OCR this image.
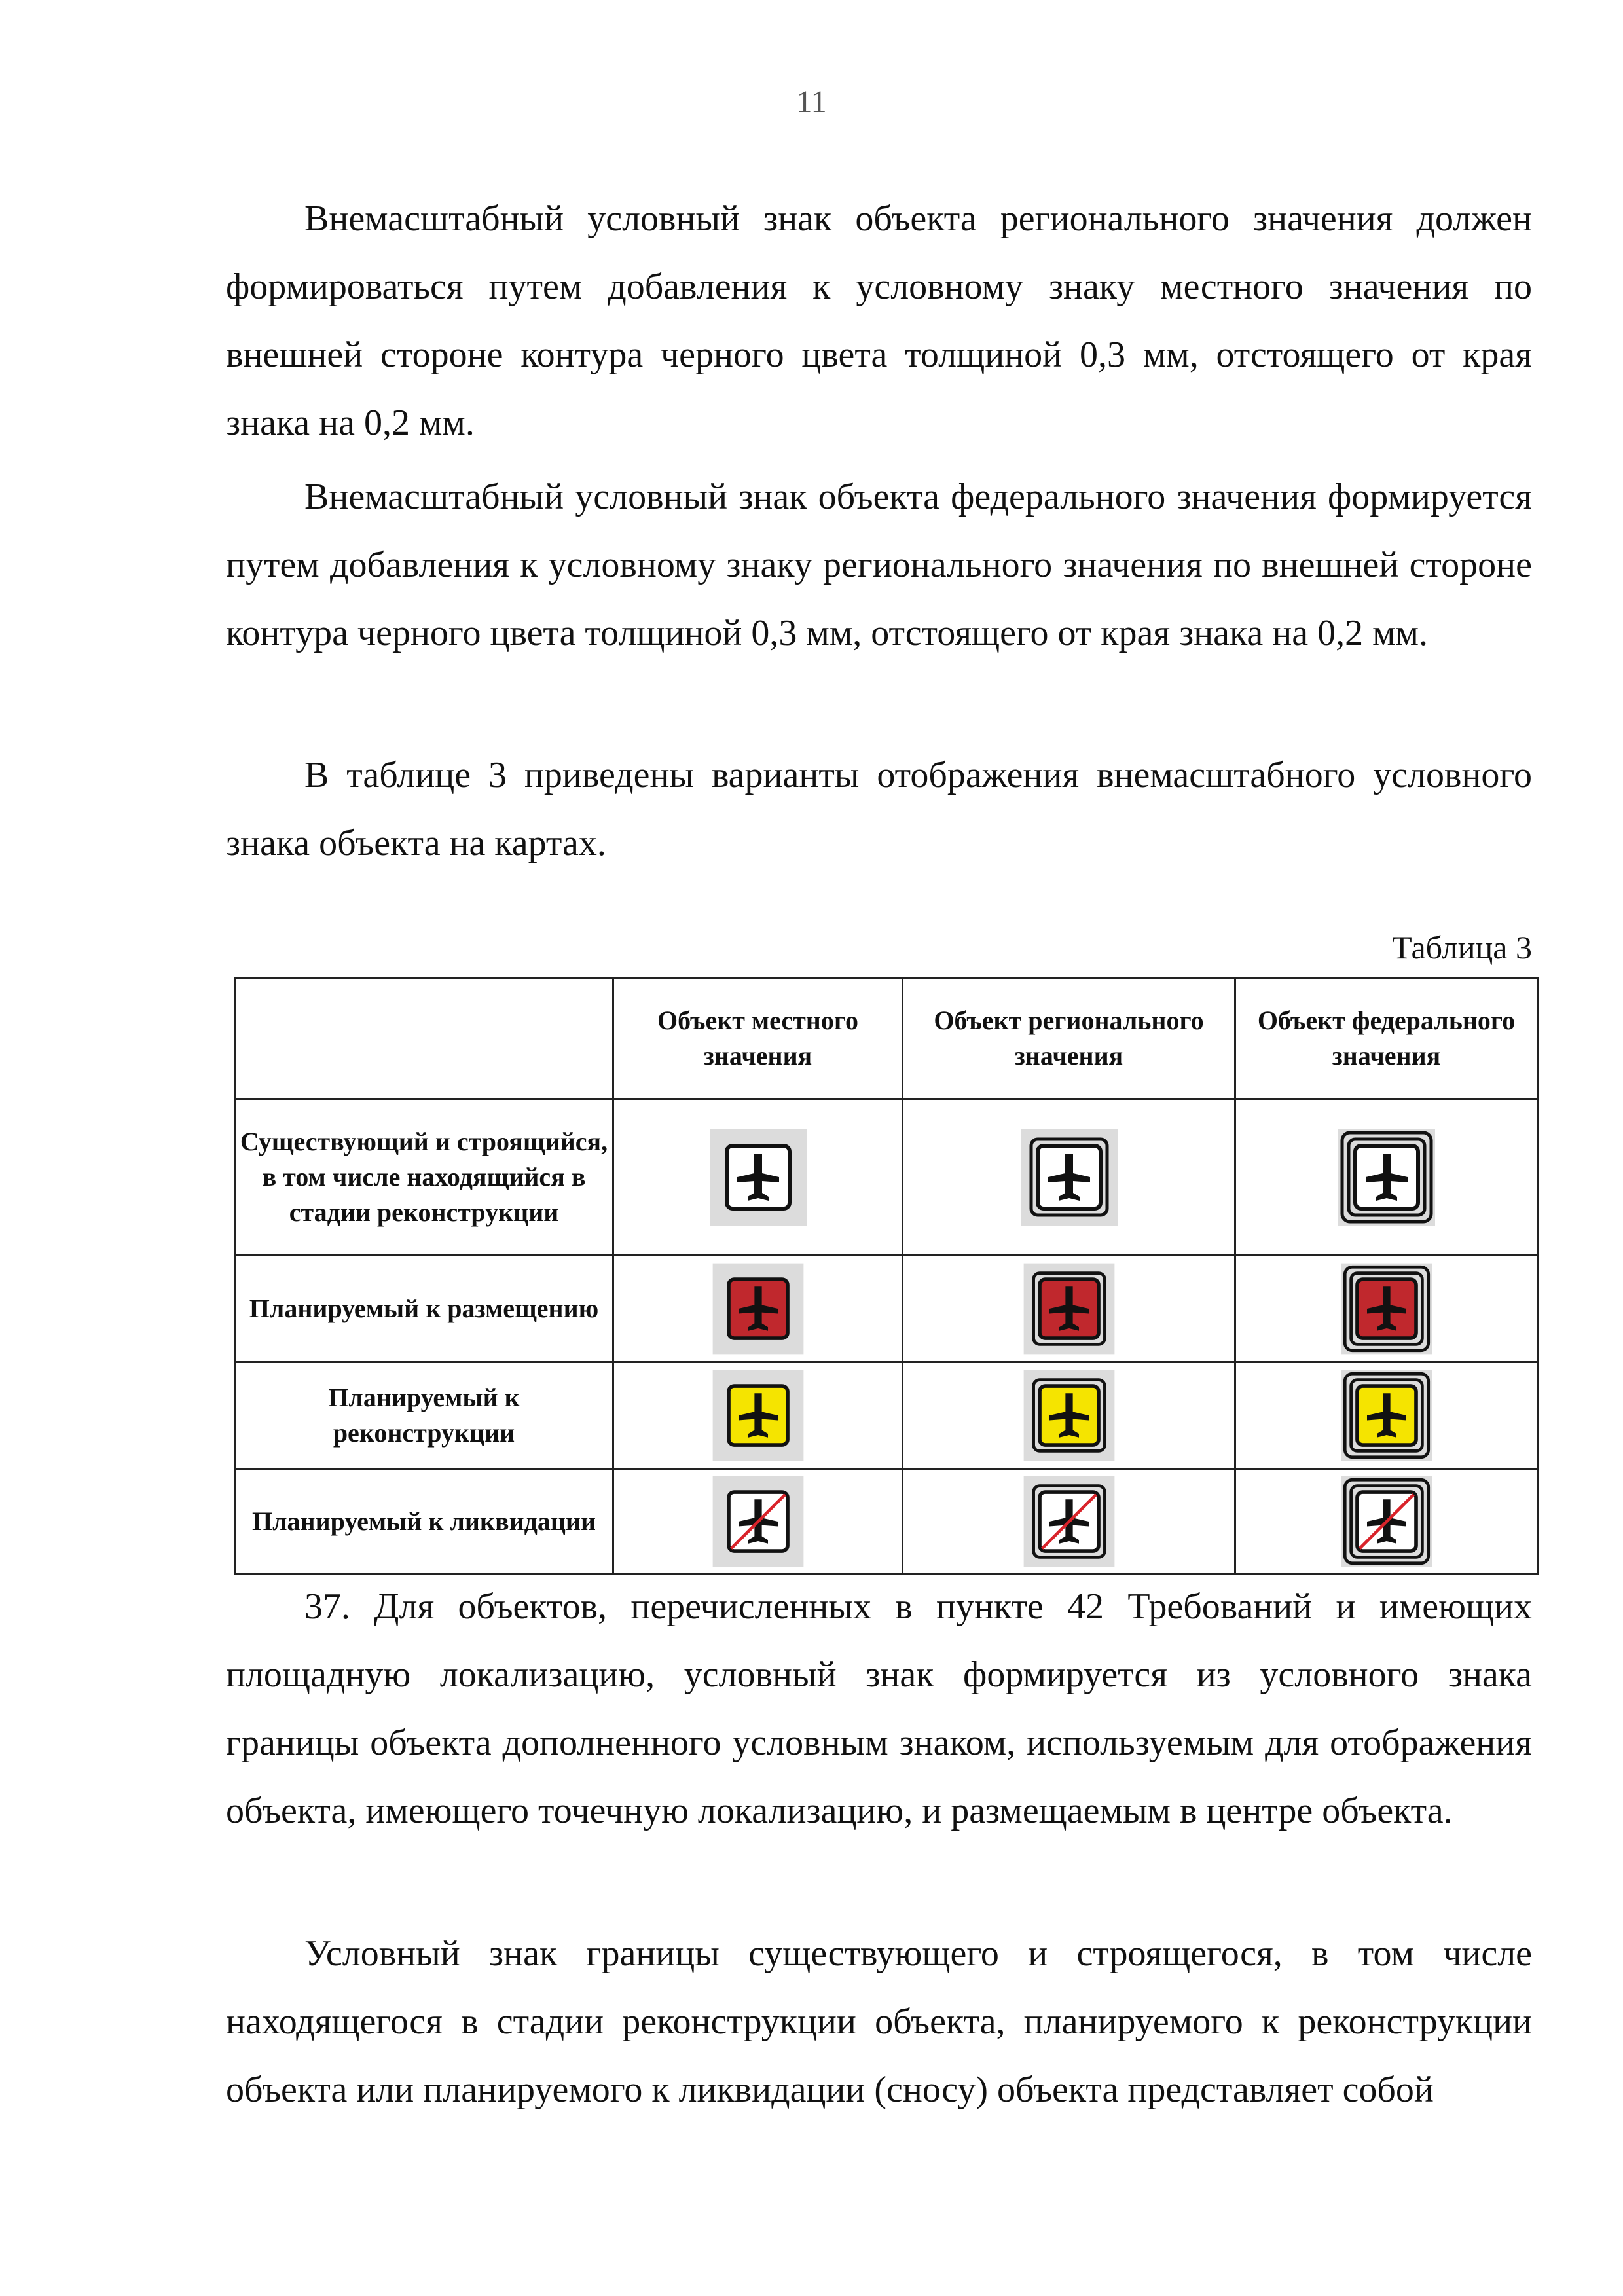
11

Внемасштабный условный знак объекта регионального значения должен формироваться путем добавления к условному знаку местного значения по внешней стороне контура черного цвета толщиной 0,3 мм, отстоящего от края знака на 0,2 мм.

Внемасштабный условный знак объекта федерального значения формируется путем добавления к условному знаку регионального значения по внешней стороне контура черного цвета толщиной 0,3 мм, отстоящего от края знака на 0,2 мм.

В таблице 3 приведены варианты отображения внемасштабного условного знака объекта на картах.

Таблица 3
	Объект местного значения	Объект регионального значения	Объект федерального значения
Существующий и строящийся, в том числе находящийся в стадии реконструкции	

Планируемый к размещению	

Планируемый к реконструкции	

Планируемый к ликвидации	

37. Для объектов, перечисленных в пункте 42 Требований и имеющих площадную локализацию, условный знак формируется из условного знака границы объекта дополненного условным знаком, используемым для отображения объекта, имеющего точечную локализацию, и размещаемым в центре объекта.

Условный знак границы существующего и строящегося, в том числе находящегося в стадии реконструкции объекта, планируемого к реконструкции объекта или планируемого к ликвидации (сносу) объекта представляет собой
